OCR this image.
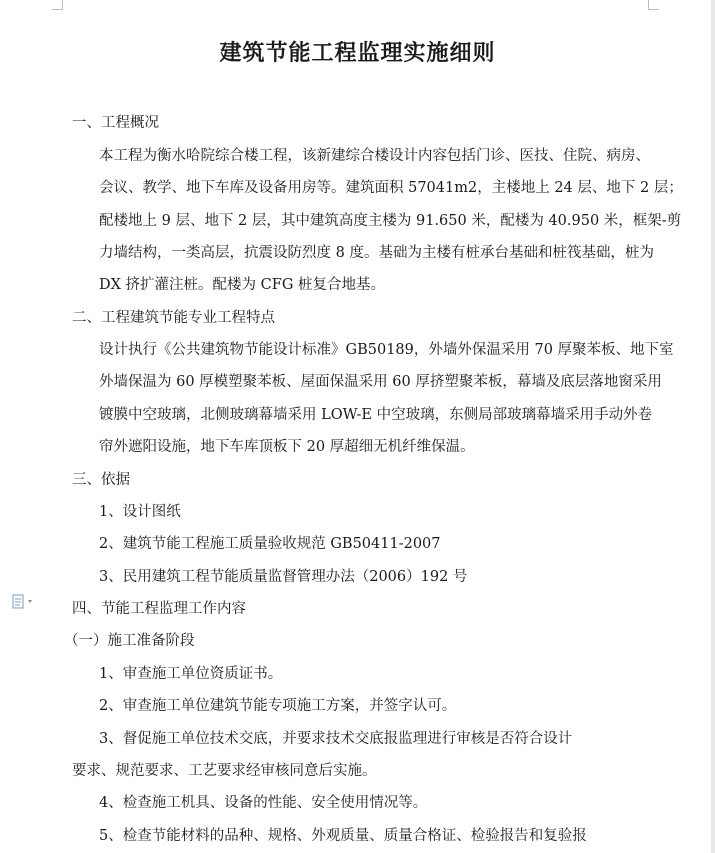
建筑节能工程监理实施细则
一、工程概况
本工程为衡水哈院综合楼工程，该新建综合楼设计内容包括门诊、医技、住院、病房、
会议、教学、地下车库及设备用房等。建筑面积 57041m2，主楼地上 24 层、地下 2 层；
配楼地上 9 层、地下 2 层，其中建筑高度主楼为 91.650 米，配楼为 40.950 米，框架-剪
力墙结构，一类高层，抗震设防烈度 8 度。基础为主楼有桩承台基础和桩筏基础，桩为
DX 挤扩灌注桩。配楼为 CFG 桩复合地基。
二、工程建筑节能专业工程特点
设计执行《公共建筑物节能设计标准》GB50189，外墙外保温采用 70 厚聚苯板、地下室
外墙保温为 60 厚模塑聚苯板、屋面保温采用 60 厚挤塑聚苯板，幕墙及底层落地窗采用
镀膜中空玻璃，北侧玻璃幕墙采用 LOW-E 中空玻璃，东侧局部玻璃幕墙采用手动外卷
帘外遮阳设施，地下车库顶板下 20 厚超细无机纤维保温。
三、依据
1、设计图纸
2、建筑节能工程施工质量验收规范 GB50411-2007
3、民用建筑工程节能质量监督管理办法（2006）192 号
四、节能工程监理工作内容
（一）施工准备阶段
1、审查施工单位资质证书。
2、审查施工单位建筑节能专项施工方案，并签字认可。
3、督促施工单位技术交底，并要求技术交底报监理进行审核是否符合设计
要求、规范要求、工艺要求经审核同意后实施。
4、检查施工机具、设备的性能、安全使用情况等。
5、检查节能材料的品种、规格、外观质量、质量合格证、检验报告和复验报
